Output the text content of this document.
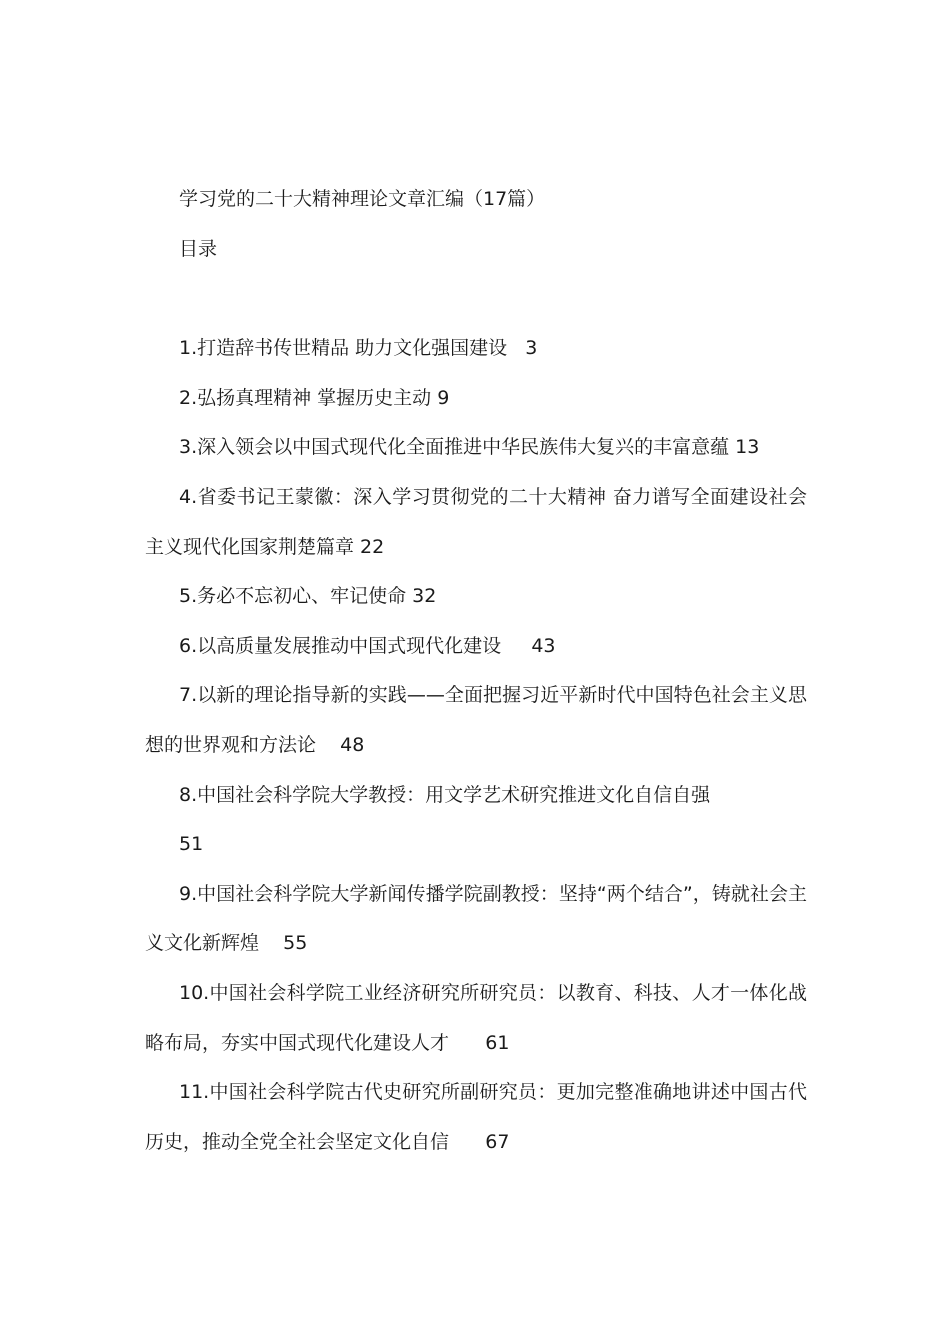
学习党的二十大精神理论文章汇编（17篇）
目录
1.打造辞书传世精品 助力文化强国建设   3
2.弘扬真理精神 掌握历史主动 9
3.深入领会以中国式现代化全面推进中华民族伟大复兴的丰富意蕴 13
4.省委书记王蒙徽：深入学习贯彻党的二十大精神 奋力谱写全面建设社会主义现代化国家荆楚篇章 22
5.务必不忘初心、牢记使命 32
6.以高质量发展推动中国式现代化建设     43
7.以新的理论指导新的实践——全面把握习近平新时代中国特色社会主义思想的世界观和方法论    48
8.中国社会科学院大学教授：用文学艺术研究推进文化自信自强
51
9.中国社会科学院大学新闻传播学院副教授：坚持“两个结合”，铸就社会主义文化新辉煌    55
10.中国社会科学院工业经济研究所研究员：以教育、科技、人才一体化战略布局，夯实中国式现代化建设人才      61
11.中国社会科学院古代史研究所副研究员：更加完整准确地讲述中国古代历史，推动全党全社会坚定文化自信      67
